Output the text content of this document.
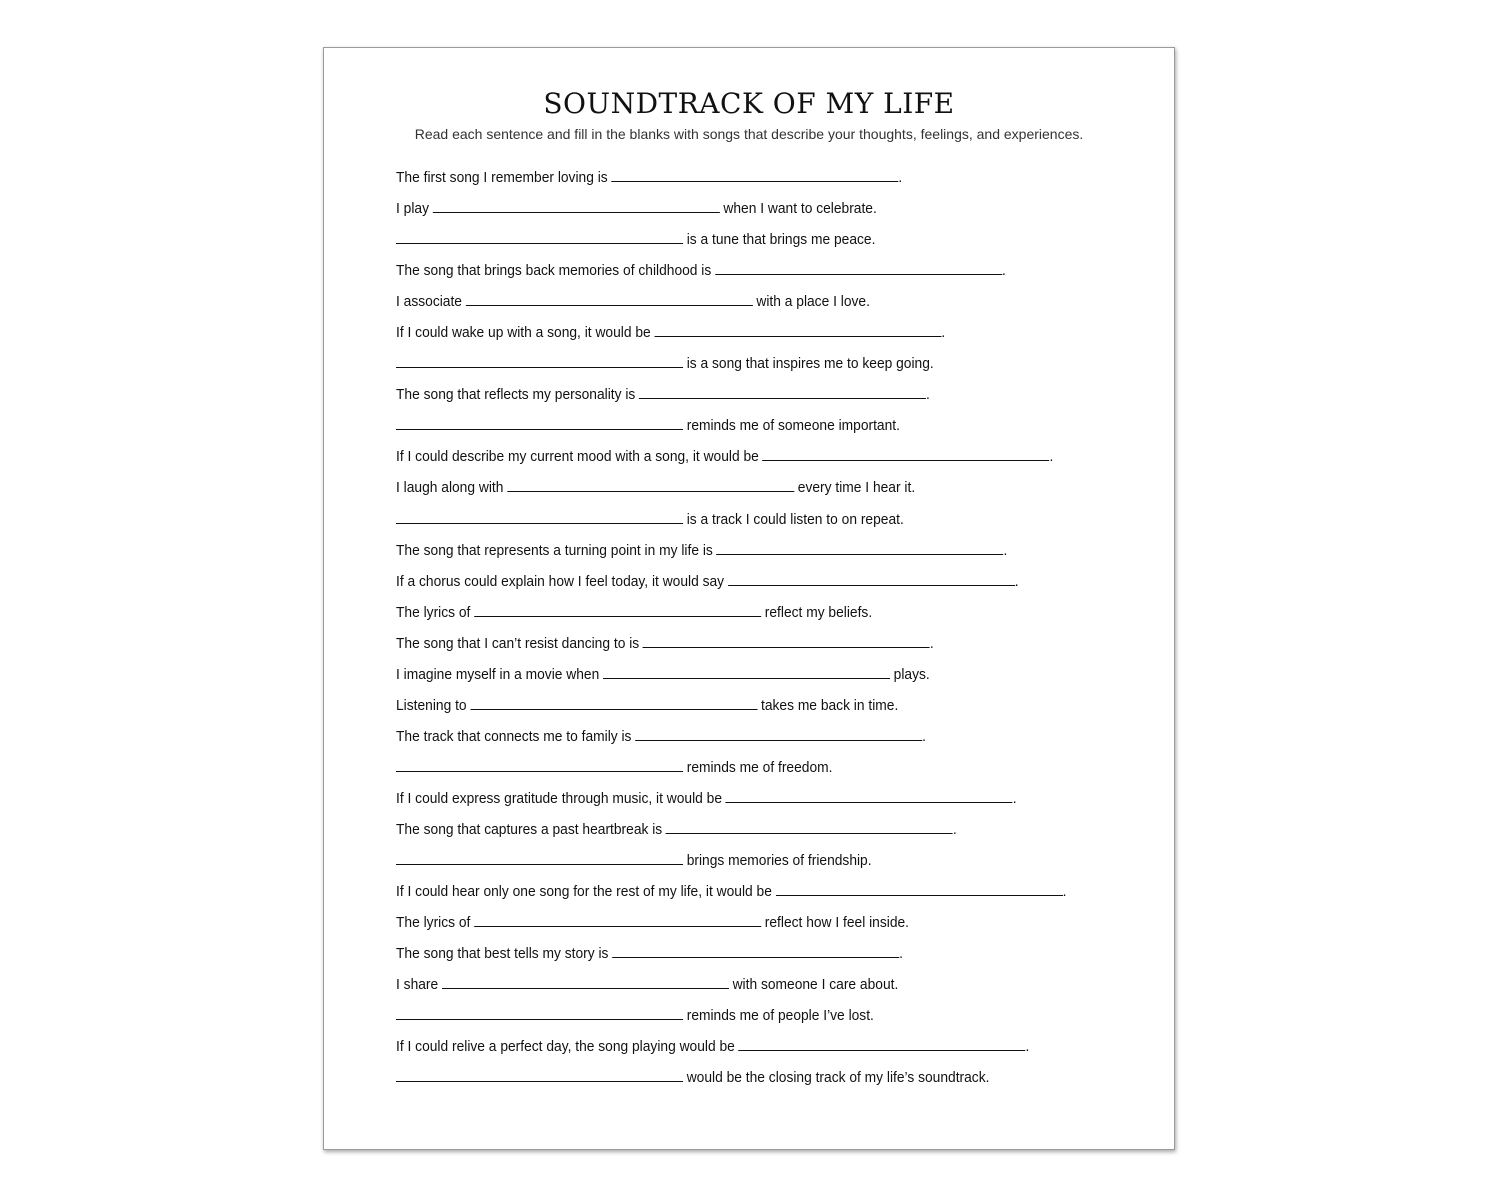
SOUNDTRACK OF MY LIFE

Read each sentence and fill in the blanks with songs that describe your thoughts, feelings, and experiences.

The first song I remember loving is	.
I play	when I want to celebrate.
is a tune that brings me peace.
The song that brings back memories of childhood is	.
I associate	with a place I love.
If I could wake up with a song, it would be	.
is a song that inspires me to keep going.
The song that reflects my personality is	.
reminds me of someone important.
If I could describe my current mood with a song, it would be	.
I laugh along with	every time I hear it.
is a track I could listen to on repeat.
The song that represents a turning point in my life is	.
If a chorus could explain how I feel today, it would say	.
The lyrics of	reflect my beliefs.
The song that I can’t resist dancing to is	.
I imagine myself in a movie when	plays.
Listening to	takes me back in time.
The track that connects me to family is	.
reminds me of freedom.
If I could express gratitude through music, it would be	.
The song that captures a past heartbreak is	.
brings memories of friendship.
If I could hear only one song for the rest of my life, it would be	.
The lyrics of	reflect how I feel inside.
The song that best tells my story is	.
I share	with someone I care about.
reminds me of people I’ve lost.
If I could relive a perfect day, the song playing would be	.
would be the closing track of my life’s soundtrack.
